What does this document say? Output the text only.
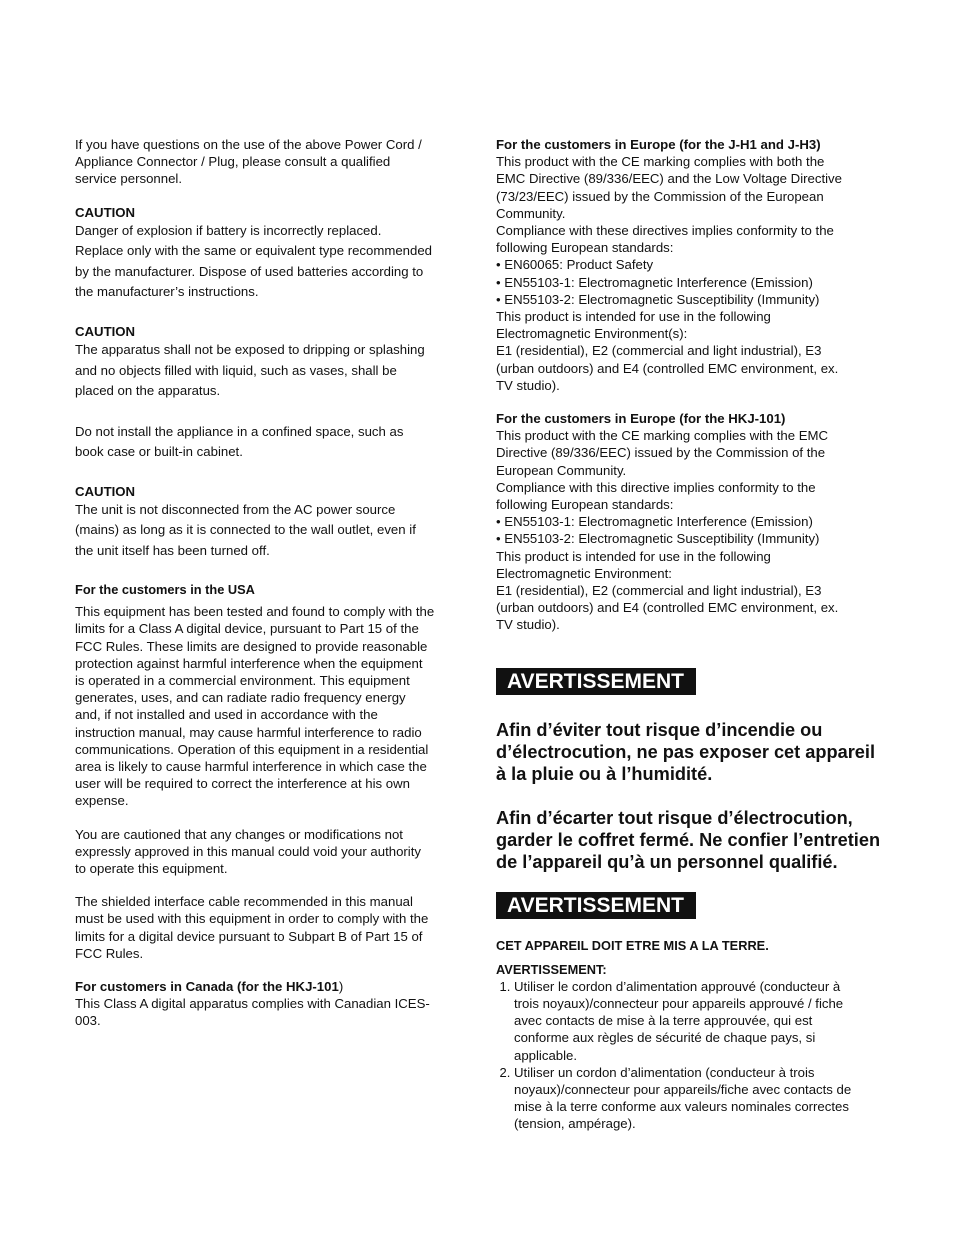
If you have questions on the use of the above Power Cord /
Appliance Connector / Plug, please consult a qualified
service personnel.

CAUTION

Danger of explosion if battery is incorrectly replaced.
Replace only with the same or equivalent type recommended
by the manufacturer. Dispose of used batteries according to
the manufacturer’s instructions.

CAUTION

The apparatus shall not be exposed to dripping or splashing
and no objects filled with liquid, such as vases, shall be
placed on the apparatus.

Do not install the appliance in a confined space, such as
book case or built-in cabinet.

CAUTION

The unit is not disconnected from the AC power source
(mains) as long as it is connected to the wall outlet, even if
the unit itself has been turned off.

For the customers in the USA

This equipment has been tested and found to comply with the
limits for a Class A digital device, pursuant to Part 15 of the
FCC Rules. These limits are designed to provide reasonable
protection against harmful interference when the equipment
is operated in a commercial environment. This equipment
generates, uses, and can radiate radio frequency energy
and, if not installed and used in accordance with the
instruction manual, may cause harmful interference to radio
communications. Operation of this equipment in a residential
area is likely to cause harmful interference in which case the
user will be required to correct the interference at his own
expense.

You are cautioned that any changes or modifications not
expressly approved in this manual could void your authority
to operate this equipment.

The shielded interface cable recommended in this manual
must be used with this equipment in order to comply with the
limits for a digital device pursuant to Subpart B of Part 15 of
FCC Rules.

For customers in Canada (for the HKJ-101)

This Class A digital apparatus complies with Canadian ICES-
003.

For the customers in Europe (for the J-H1 and J-H3)

This product with the CE marking complies with both the
EMC Directive (89/336/EEC) and the Low Voltage Directive
(73/23/EEC) issued by the Commission of the European
Community.
Compliance with these directives implies conformity to the
following European standards:
• EN60065: Product Safety
• EN55103-1: Electromagnetic Interference (Emission)
• EN55103-2: Electromagnetic Susceptibility (Immunity)
This product is intended for use in the following
Electromagnetic Environment(s):
E1 (residential), E2 (commercial and light industrial), E3
(urban outdoors) and E4 (controlled EMC environment, ex.
TV studio).

For the customers in Europe (for the HKJ-101)

This product with the CE marking complies with the EMC
Directive (89/336/EEC) issued by the Commission of the
European Community.
Compliance with this directive implies conformity to the
following European standards:
• EN55103-1: Electromagnetic Interference (Emission)
• EN55103-2: Electromagnetic Susceptibility (Immunity)
This product is intended for use in the following
Electromagnetic Environment:
E1 (residential), E2 (commercial and light industrial), E3
(urban outdoors) and E4 (controlled EMC environment, ex.
TV studio).

AVERTISSEMENT

Afin d’éviter tout risque d’incendie ou d’électrocution, ne pas exposer cet appareil à la pluie ou à l’humidité.

Afin d’écarter tout risque d’électrocution, garder le coffret fermé. Ne confier l’entretien de l’appareil qu’à un personnel qualifié.

AVERTISSEMENT

CET APPAREIL DOIT ETRE MIS A LA TERRE.

AVERTISSEMENT:

1. Utiliser le cordon d’alimentation approuvé (conducteur à
trois noyaux)/connecteur pour appareils approuvé / fiche
avec contacts de mise à la terre approuvée, qui est
conforme aux règles de sécurité de chaque pays, si
applicable.
2. Utiliser un cordon d’alimentation (conducteur à trois
noyaux)/connecteur pour appareils/fiche avec contacts de
mise à la terre conforme aux valeurs nominales correctes
(tension, ampérage).
